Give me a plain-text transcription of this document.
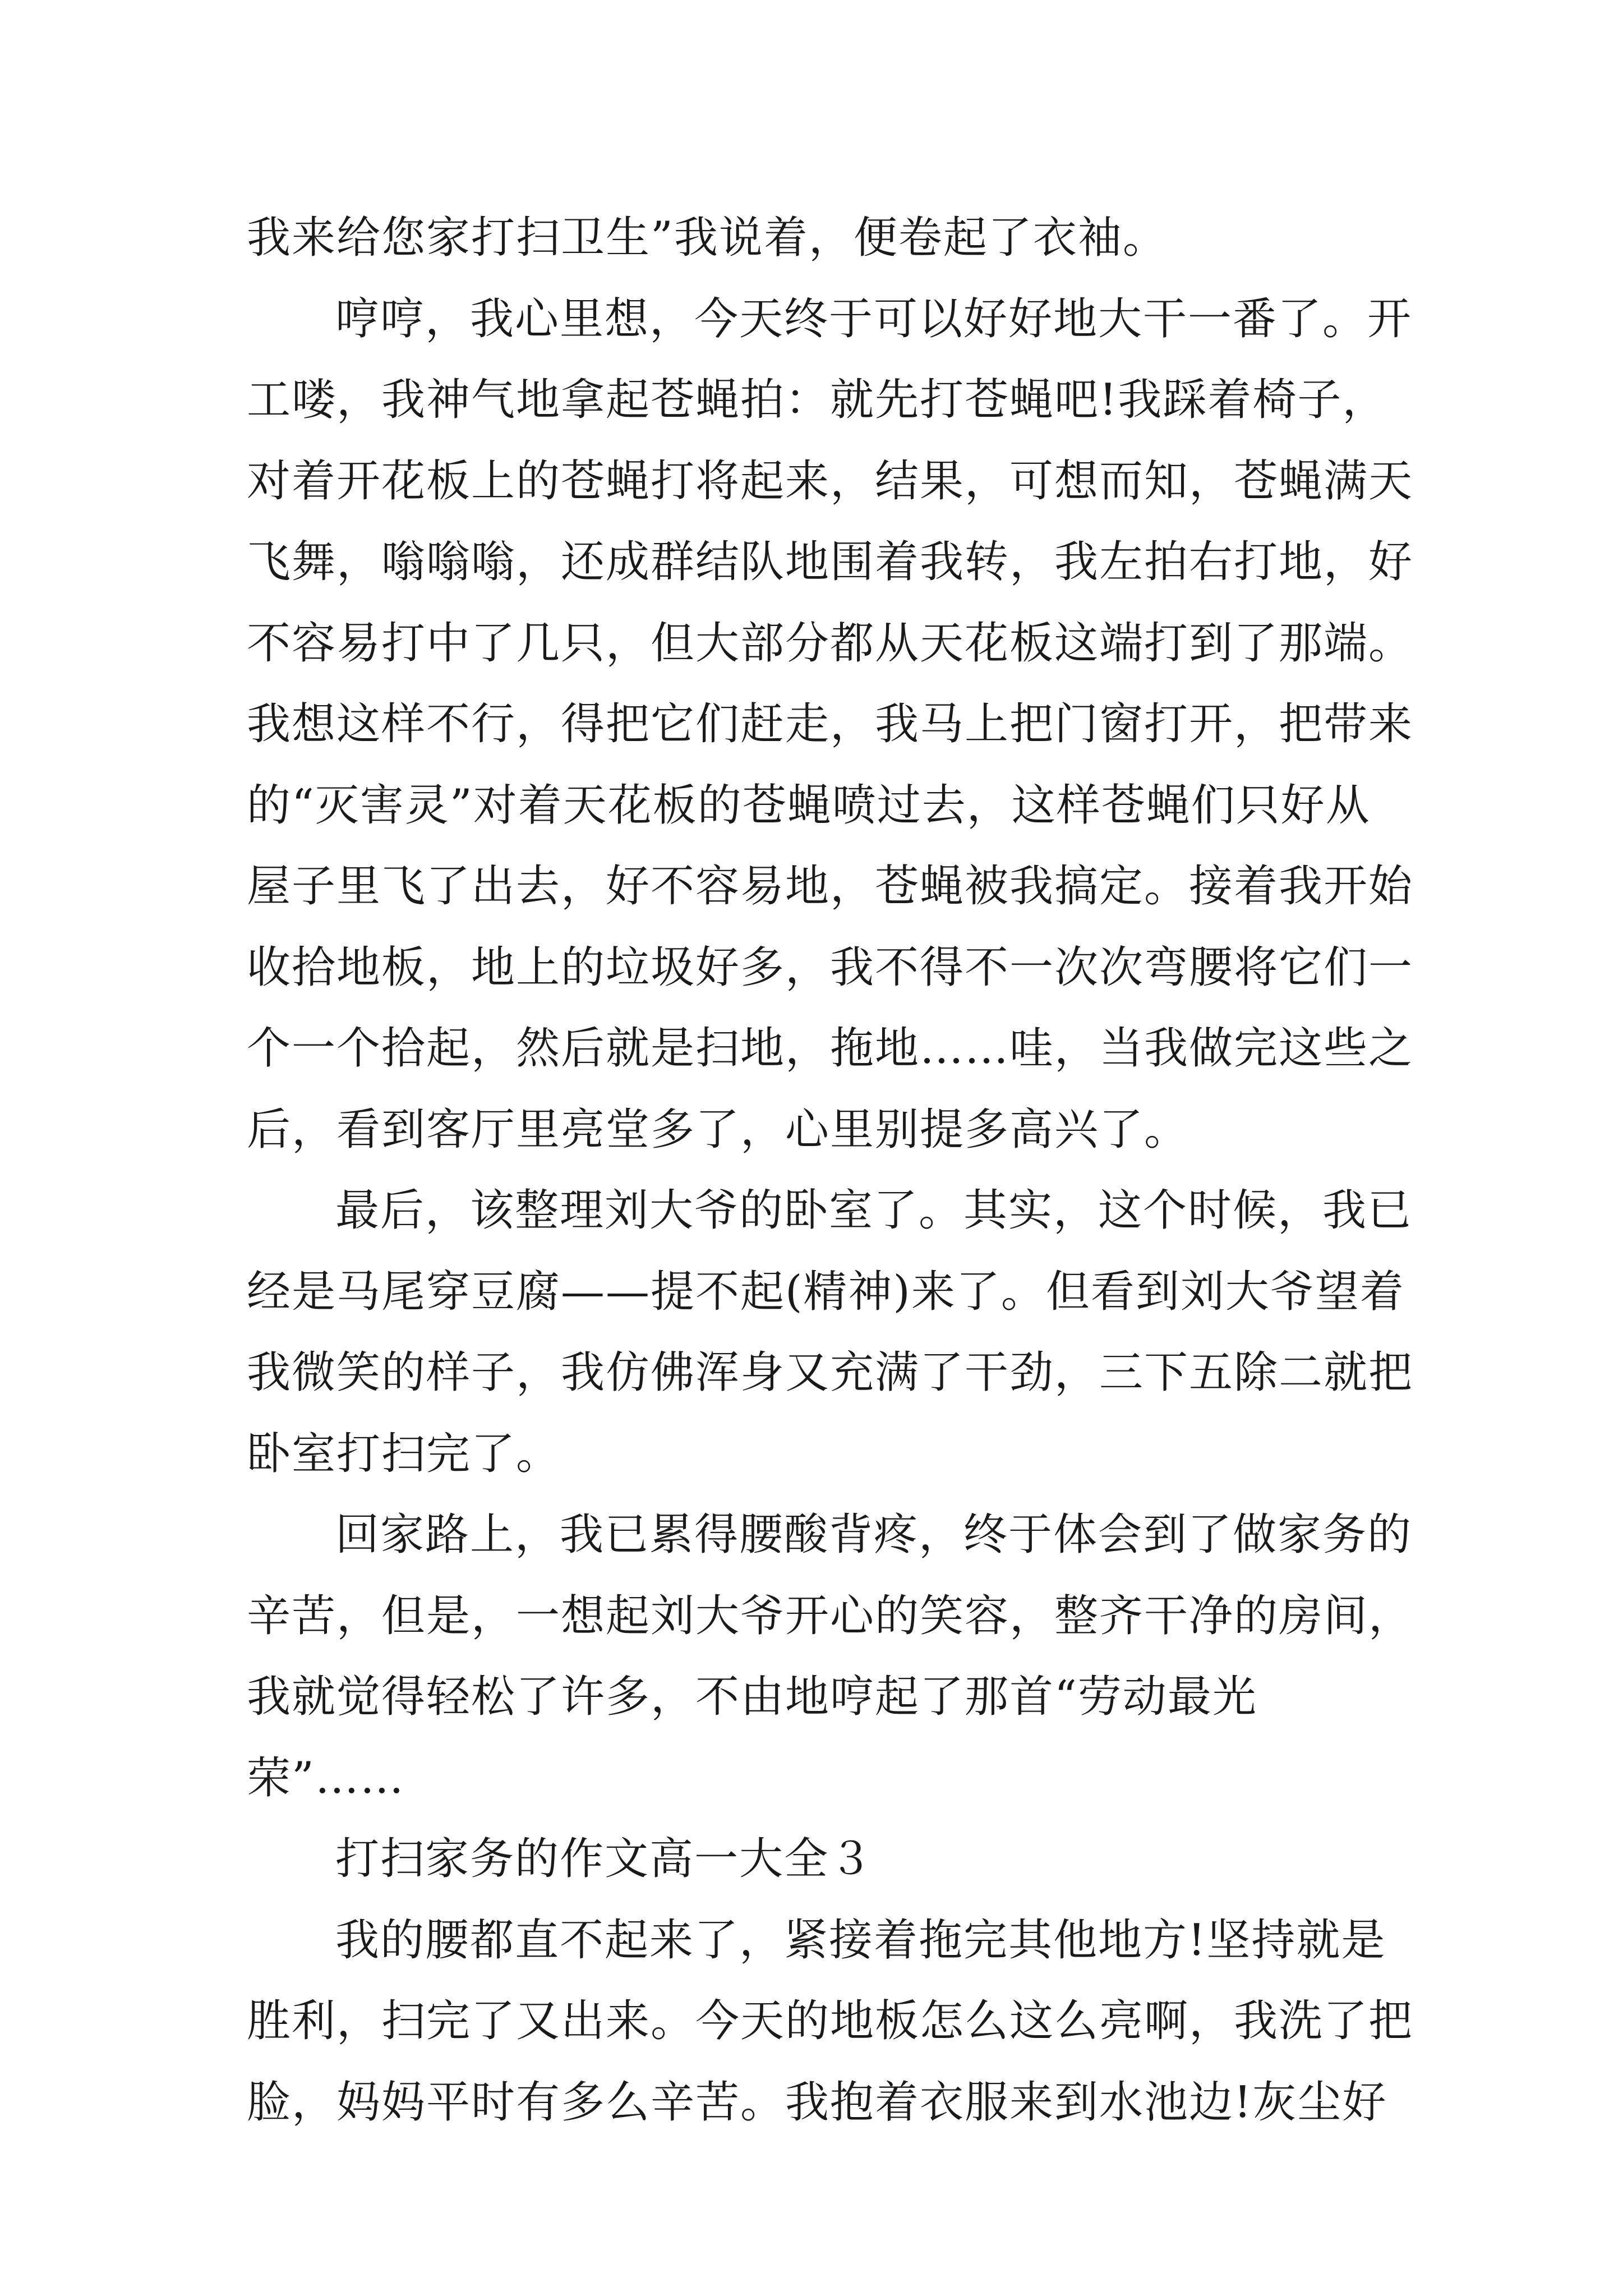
我来给您家打扫卫生”我说着，便卷起了衣袖。
哼哼，我心里想，今天终于可以好好地大干一番了。开
工喽，我神气地拿起苍蝇拍：就先打苍蝇吧!我踩着椅子，
对着开花板上的苍蝇打将起来，结果，可想而知，苍蝇满天
飞舞，嗡嗡嗡，还成群结队地围着我转，我左拍右打地，好
不容易打中了几只，但大部分都从天花板这端打到了那端。
我想这样不行，得把它们赶走，我马上把门窗打开，把带来
的“灭害灵”对着天花板的苍蝇喷过去，这样苍蝇们只好从
屋子里飞了出去，好不容易地，苍蝇被我搞定。接着我开始
收拾地板，地上的垃圾好多，我不得不一次次弯腰将它们一
个一个拾起，然后就是扫地，拖地……哇，当我做完这些之
后，看到客厅里亮堂多了，心里别提多高兴了。
最后，该整理刘大爷的卧室了。其实，这个时候，我已
经是马尾穿豆腐——提不起(精神)来了。但看到刘大爷望着
我微笑的样子，我仿佛浑身又充满了干劲，三下五除二就把
卧室打扫完了。
回家路上，我已累得腰酸背疼，终于体会到了做家务的
辛苦，但是，一想起刘大爷开心的笑容，整齐干净的房间，
我就觉得轻松了许多，不由地哼起了那首“劳动最光
荣”……
打扫家务的作文高一大全３
我的腰都直不起来了，紧接着拖完其他地方!坚持就是
胜利，扫完了又出来。今天的地板怎么这么亮啊，我洗了把
脸，妈妈平时有多么辛苦。我抱着衣服来到水池边!灰尘好
